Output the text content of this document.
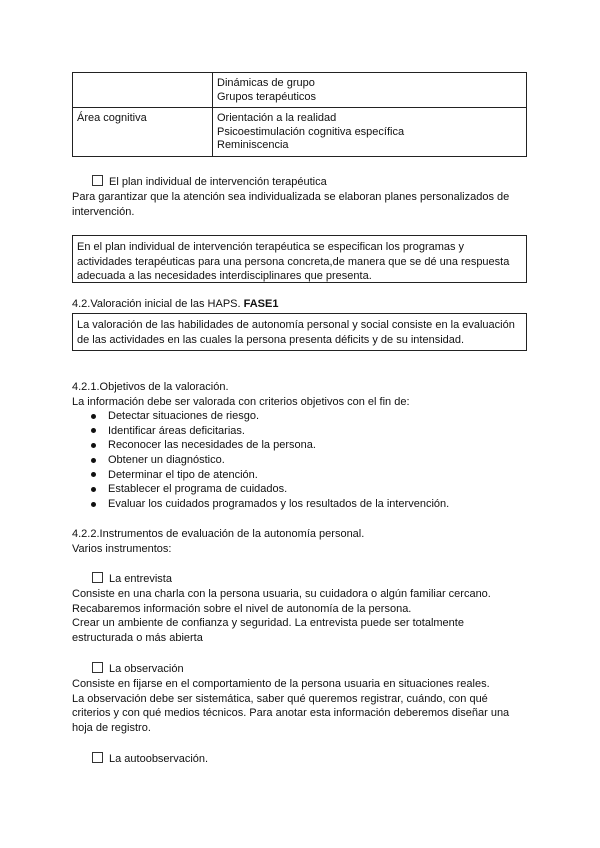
	Dinámicas de grupo
Grupos terapéuticos

Área cognitiva	Orientación a la realidad
Psicoestimulación cognitiva específica
Reminiscencia
El plan individual de intervención terapéutica
Para garantizar que la atención sea individualizada se elaboran planes personalizados de
intervención.
En el plan individual de intervención terapéutica se especifican los programas y
actividades terapéuticas para una persona concreta,de manera que se dé una respuesta
adecuada a las necesidades interdisciplinares que presenta.
4.2.Valoración inicial de las HAPS. FASE1
La valoración de las habilidades de autonomía personal y social consiste en la evaluación
de las actividades en las cuales la persona presenta déficits y de su intensidad.
4.2.1.Objetivos de la valoración.
La información debe ser valorada con criterios objetivos con el fin de:
Detectar situaciones de riesgo.
Identificar áreas deficitarias.
Reconocer las necesidades de la persona.
Obtener un diagnóstico.
Determinar el tipo de atención.
Establecer el programa de cuidados.
Evaluar los cuidados programados y los resultados de la intervención.
4.2.2.Instrumentos de evaluación de la autonomía personal.
Varios instrumentos:
La entrevista
Consiste en una charla con la persona usuaria, su cuidadora o algún familiar cercano.
Recabaremos información sobre el nivel de autonomía de la persona.
Crear un ambiente de confianza y seguridad. La entrevista puede ser totalmente
estructurada o más abierta
La observación
Consiste en fijarse en el comportamiento de la persona usuaria en situaciones reales.
La observación debe ser sistemática, saber qué queremos registrar, cuándo, con qué
criterios y con qué medios técnicos. Para anotar esta información deberemos diseñar una
hoja de registro.
La autoobservación.
